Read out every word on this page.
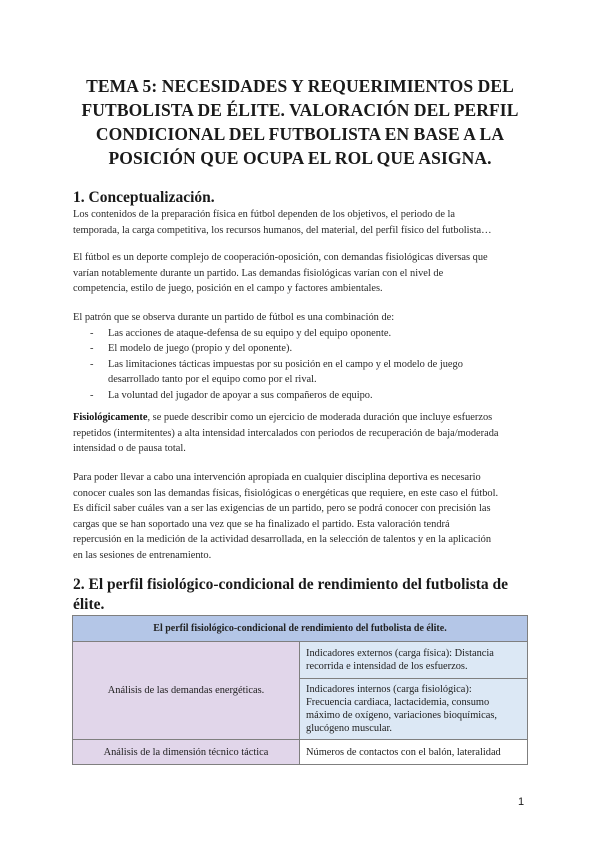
TEMA 5: NECESIDADES Y REQUERIMIENTOS DEL
FUTBOLISTA DE ÉLITE. VALORACIÓN DEL PERFIL
CONDICIONAL DEL FUTBOLISTA EN BASE A LA
POSICIÓN QUE OCUPA EL ROL QUE ASIGNA.
1. Conceptualización.
Los contenidos de la preparación física en fútbol dependen de los objetivos, el periodo de la
temporada, la carga competitiva, los recursos humanos, del material, del perfil físico del futbolista…
El fútbol es un deporte complejo de cooperación-oposición, con demandas fisiológicas diversas que
varían notablemente durante un partido. Las demandas fisiológicas varían con el nivel de
competencia, estilo de juego, posición en el campo y factores ambientales.
El patrón que se observa durante un partido de fútbol es una combinación de:
- Las acciones de ataque-defensa de su equipo y del equipo oponente.
- El modelo de juego (propio y del oponente).
- Las limitaciones tácticas impuestas por su posición en el campo y el modelo de juego
desarrollado tanto por el equipo como por el rival.
- La voluntad del jugador de apoyar a sus compañeros de equipo.
Fisiológicamente, se puede describir como un ejercicio de moderada duración que incluye esfuerzos
repetidos (intermitentes) a alta intensidad intercalados con periodos de recuperación de baja/moderada
intensidad o de pausa total.
Para poder llevar a cabo una intervención apropiada en cualquier disciplina deportiva es necesario
conocer cuales son las demandas físicas, fisiológicas o energéticas que requiere, en este caso el fútbol.
Es difícil saber cuáles van a ser las exigencias de un partido, pero se podrá conocer con precisión las
cargas que se han soportado una vez que se ha finalizado el partido. Esta valoración tendrá
repercusión en la medición de la actividad desarrollada, en la selección de talentos y en la aplicación
en las sesiones de entrenamiento.
2. El perfil fisiológico-condicional de rendimiento del futbolista de
élite.
El perfil fisiológico-condicional de rendimiento del futbolista de élite.	
Análisis de las demandas energéticas.	Indicadores externos (carga física): Distancia
recorrida e intensidad de los esfuerzos.

	Indicadores internos (carga fisiológica):
Frecuencia cardiaca, lactacidemia, consumo
máximo de oxígeno, variaciones bioquímicas,
glucógeno muscular.

Análisis de la dimensión técnico táctica	Números de contactos con el balón, lateralidad
1
